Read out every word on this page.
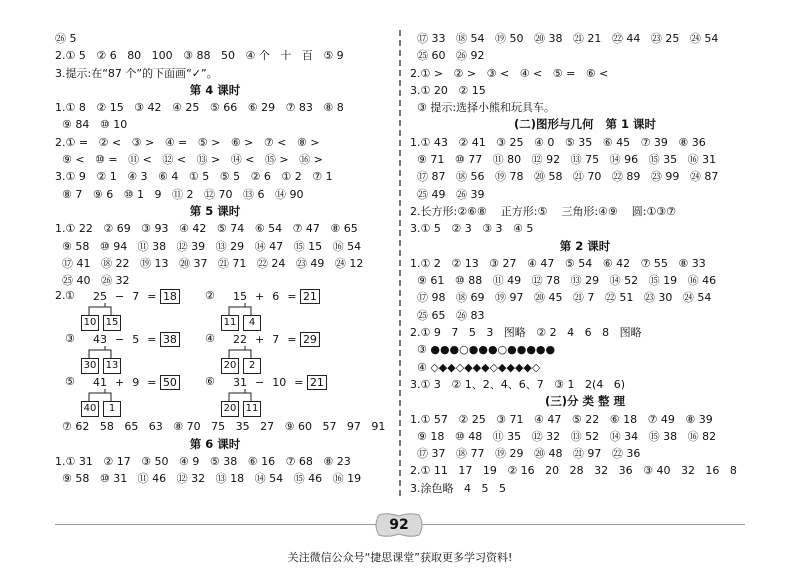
㉖ 5
2.① 5   ② 6   80   100   ③ 88   50   ④ 个   十   百   ⑤ 9
3.提示:在“87 个”的下面画“✓”。
第 4 课时
1.① 8   ② 15   ③ 42   ④ 25   ⑤ 66   ⑥ 29   ⑦ 83   ⑧ 8
⑨ 84   ⑩ 10
2.① =   ② <   ③ >   ④ =   ⑤ >   ⑥ >   ⑦ <   ⑧ >
⑨ <   ⑩ =   ⑪ <   ⑫ <   ⑬ >   ⑭ <   ⑮ >   ⑯ >
3.① 9   ② 1   ④ 3   ⑥ 4   ① 5   ⑤ 5   ② 6   ① 2   ⑦ 1
⑧ 7   ⑨ 6   ⑩ 1   9   ⑪ 2   ⑫ 70   ⑬ 6   ⑭ 90
第 5 课时
1.① 22   ② 69   ③ 93   ④ 42   ⑤ 74   ⑥ 54   ⑦ 47   ⑧ 65
⑨ 58   ⑩ 94   ⑪ 38   ⑫ 39   ⑬ 29   ⑭ 47   ⑮ 15   ⑯ 54
⑰ 41   ⑱ 22   ⑲ 13   ⑳ 37   ㉑ 71   ㉒ 24   ㉓ 49   ㉔ 12
㉕ 40   ㉖ 32
2. ① 25 − 7 = 18
10 15
② 15 + 6 = 21
11	4
③ 43 − 5 = 38
30 13
④ 22 + 7 = 29
20	2
⑤ 41 + 9 = 50
40	1
⑥ 31 − 10 = 21
20 11
⑦ 62   58   65   63   ⑧ 70   75   35   27   ⑨ 60   57   97   91
第 6 课时
1.① 31   ② 17   ③ 50   ④ 9   ⑤ 38   ⑥ 16   ⑦ 68   ⑧ 23
⑨ 58   ⑩ 31   ⑪ 46   ⑫ 32   ⑬ 18   ⑭ 54   ⑮ 46   ⑯ 19
⑰ 33   ⑱ 54   ⑲ 50   ⑳ 38   ㉑ 21   ㉒ 44   ㉓ 25   ㉔ 54
㉕ 60   ㉖ 92
2.① >   ② >   ③ <   ④ <   ⑤ =   ⑥ <
3.① 20   ② 15
③ 提示:选择小熊和玩具车。
(二)图形与几何   第 1 课时
1.① 43   ② 41   ③ 25   ④ 0   ⑤ 35   ⑥ 45   ⑦ 39   ⑧ 36
⑨ 71   ⑩ 77   ⑪ 80   ⑫ 92   ⑬ 75   ⑭ 96   ⑮ 35   ⑯ 31
⑰ 87   ⑱ 56   ⑲ 78   ⑳ 58   ㉑ 70   ㉒ 89   ㉓ 99   ㉔ 87
㉕ 49   ㉖ 39
2.长方形:②⑥⑧    正方形:⑤    三角形:④⑨    圆:①③⑦
3.① 5   ② 3   ③ 3   ④ 5
第 2 课时
1.① 2   ② 13   ③ 27   ④ 47   ⑤ 54   ⑥ 42   ⑦ 55   ⑧ 33
⑨ 61   ⑩ 88   ⑪ 49   ⑫ 78   ⑬ 29   ⑭ 52   ⑮ 19   ⑯ 46
⑰ 98   ⑱ 69   ⑲ 97   ⑳ 45   ㉑ 7   ㉒ 51   ㉓ 30   ㉔ 54
㉕ 65   ㉖ 83
2.① 9   7   5   3   图略   ② 2   4   6   8   图略
③ ●●●○●●●○●●●●●
④ ◇◆◆◇◆◆◆◇◆◆◆◆◇
3.① 3   ② 1、2、4、6、7   ③ 1   2(4   6)
(三)分 类 整 理
1.① 57   ② 25   ③ 71   ④ 47   ⑤ 22   ⑥ 18   ⑦ 49   ⑧ 39
⑨ 18   ⑩ 48   ⑪ 35   ⑫ 32   ⑬ 52   ⑭ 34   ⑮ 38   ⑯ 82
⑰ 37   ⑱ 77   ⑲ 29   ⑳ 48   ㉑ 97   ㉒ 36
2.① 11   17   19   ② 16   20   28   32   36   ③ 40   32   16   8
3.涂色略   4   5   5
92
关注微信公众号“捷思课堂”获取更多学习资料!
